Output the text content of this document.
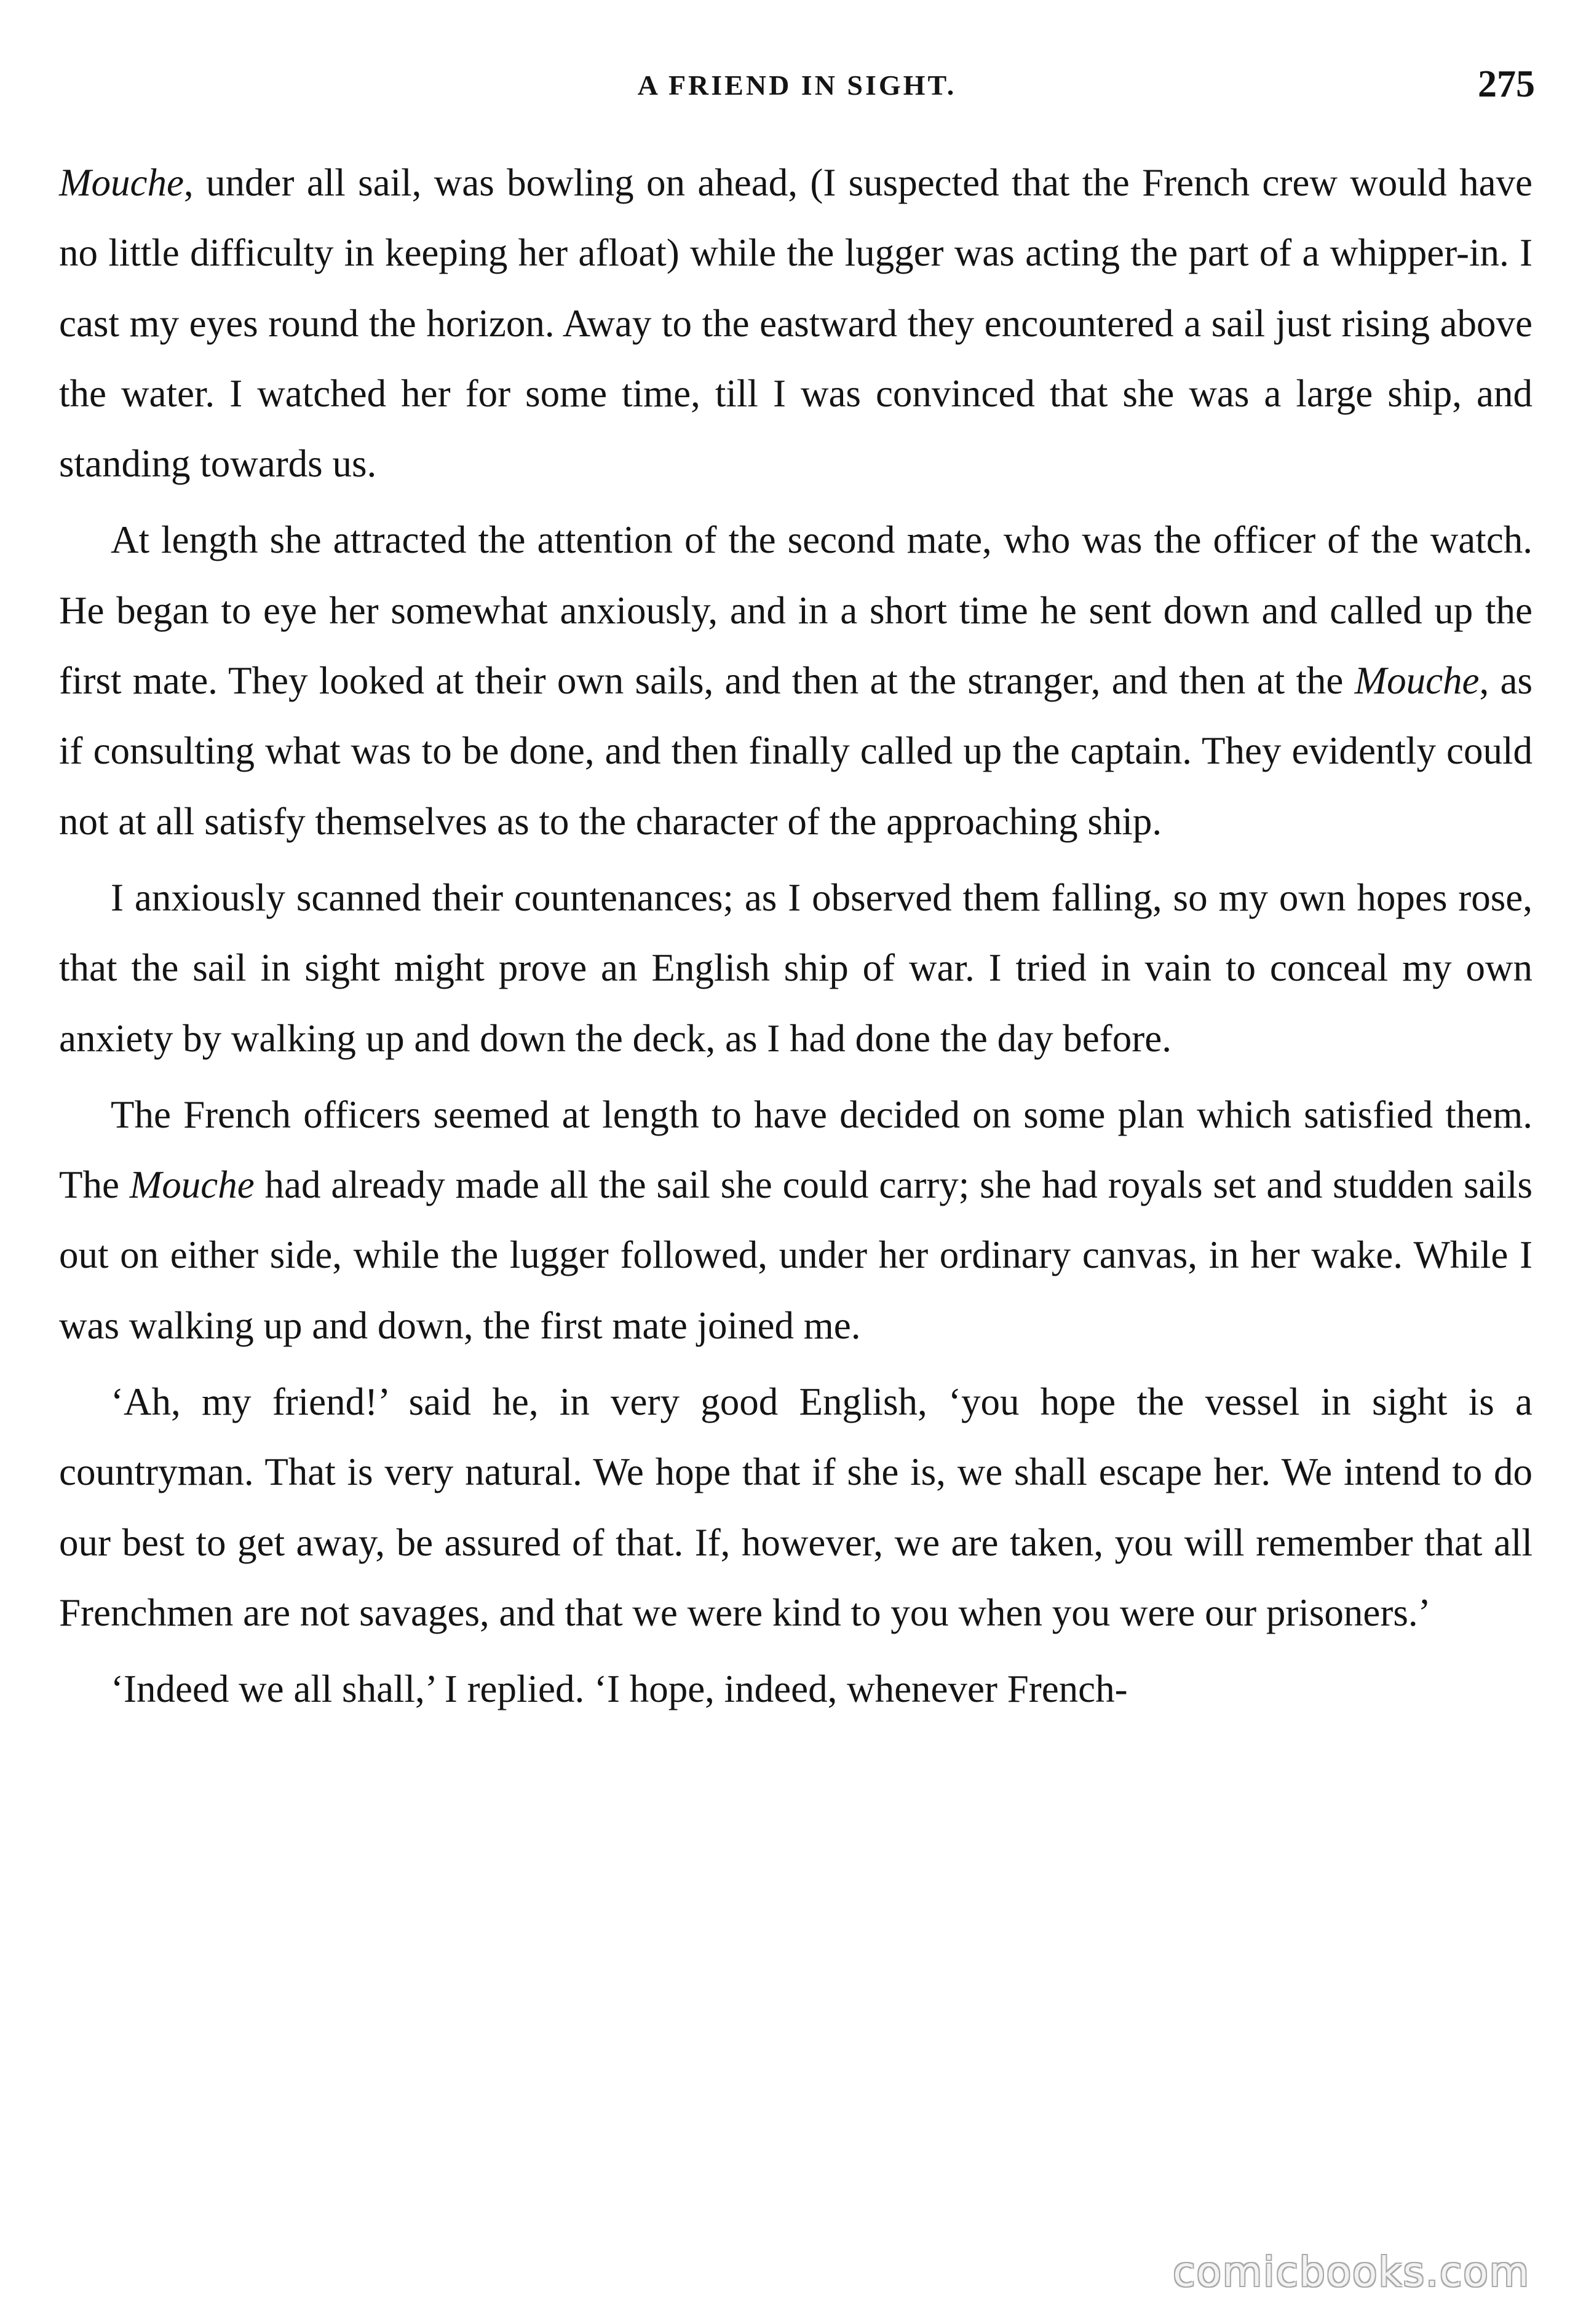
A FRIEND IN SIGHT.	275

Mouche, under all sail, was bowling on ahead, (I suspected that the French crew would have no little difficulty in keeping her afloat) while the lugger was acting the part of a whipper-in. I cast my eyes round the horizon. Away to the eastward they encountered a sail just rising above the water. I watched her for some time, till I was convinced that she was a large ship, and standing towards us.

At length she attracted the attention of the second mate, who was the officer of the watch. He began to eye her somewhat anxiously, and in a short time he sent down and called up the first mate. They looked at their own sails, and then at the stranger, and then at the Mouche, as if consulting what was to be done, and then finally called up the captain. They evidently could not at all satisfy themselves as to the character of the approaching ship.

I anxiously scanned their countenances; as I observed them falling, so my own hopes rose, that the sail in sight might prove an English ship of war. I tried in vain to conceal my own anxiety by walking up and down the deck, as I had done the day before.

The French officers seemed at length to have decided on some plan which satisfied them. The Mouche had already made all the sail she could carry; she had royals set and studden sails out on either side, while the lugger followed, under her ordinary canvas, in her wake. While I was walking up and down, the first mate joined me.

‘Ah, my friend!’ said he, in very good English, ‘you hope the vessel in sight is a countryman. That is very natural. We hope that if she is, we shall escape her. We intend to do our best to get away, be assured of that. If, however, we are taken, you will remember that all Frenchmen are not savages, and that we were kind to you when you were our prisoners.’

‘Indeed we all shall,’ I replied. ‘I hope, indeed, whenever French-

comicbooks.com
